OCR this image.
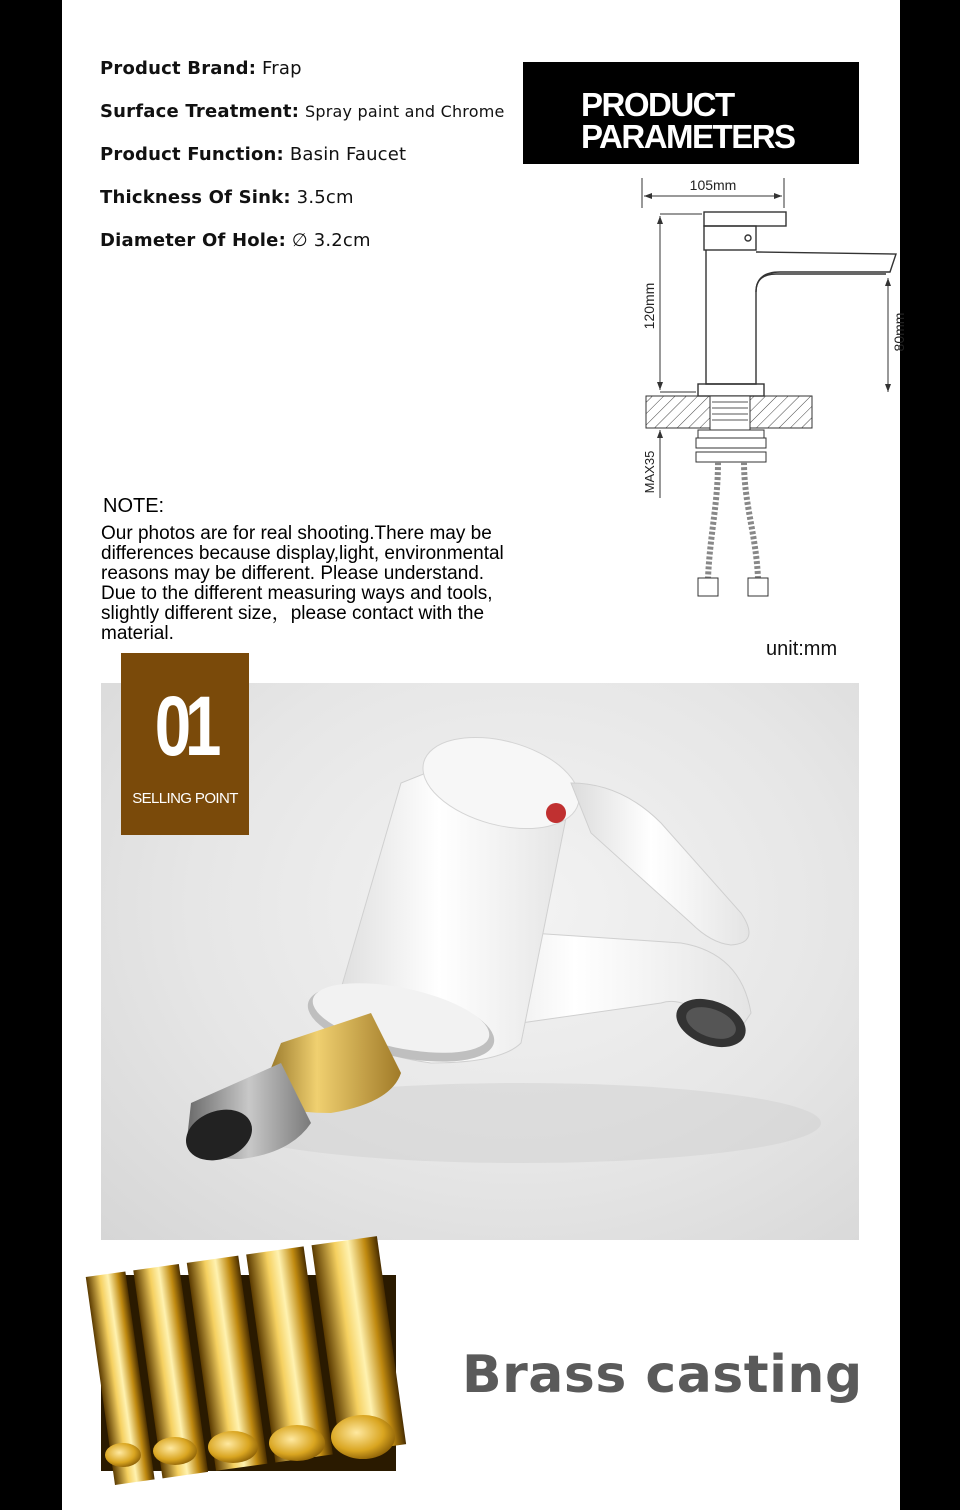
Product Brand: Frap
Surface Treatment: Spray paint and Chrome
Product Function: Basin Faucet
Thickness Of Sink: 3.5cm
Diameter Of Hole: ∅ 3.2cm
PRODUCT
PARAMETERS
105mm
120mm
80mm
MAX35
NOTE:
Our photos are for real shooting.There may be
differences because display,light, environmental
reasons may be different. Please understand.
Due to the different measuring ways and tools,
slightly different size，please contact with the
material.
unit:mm
01
SELLING POINT
Brass casting
